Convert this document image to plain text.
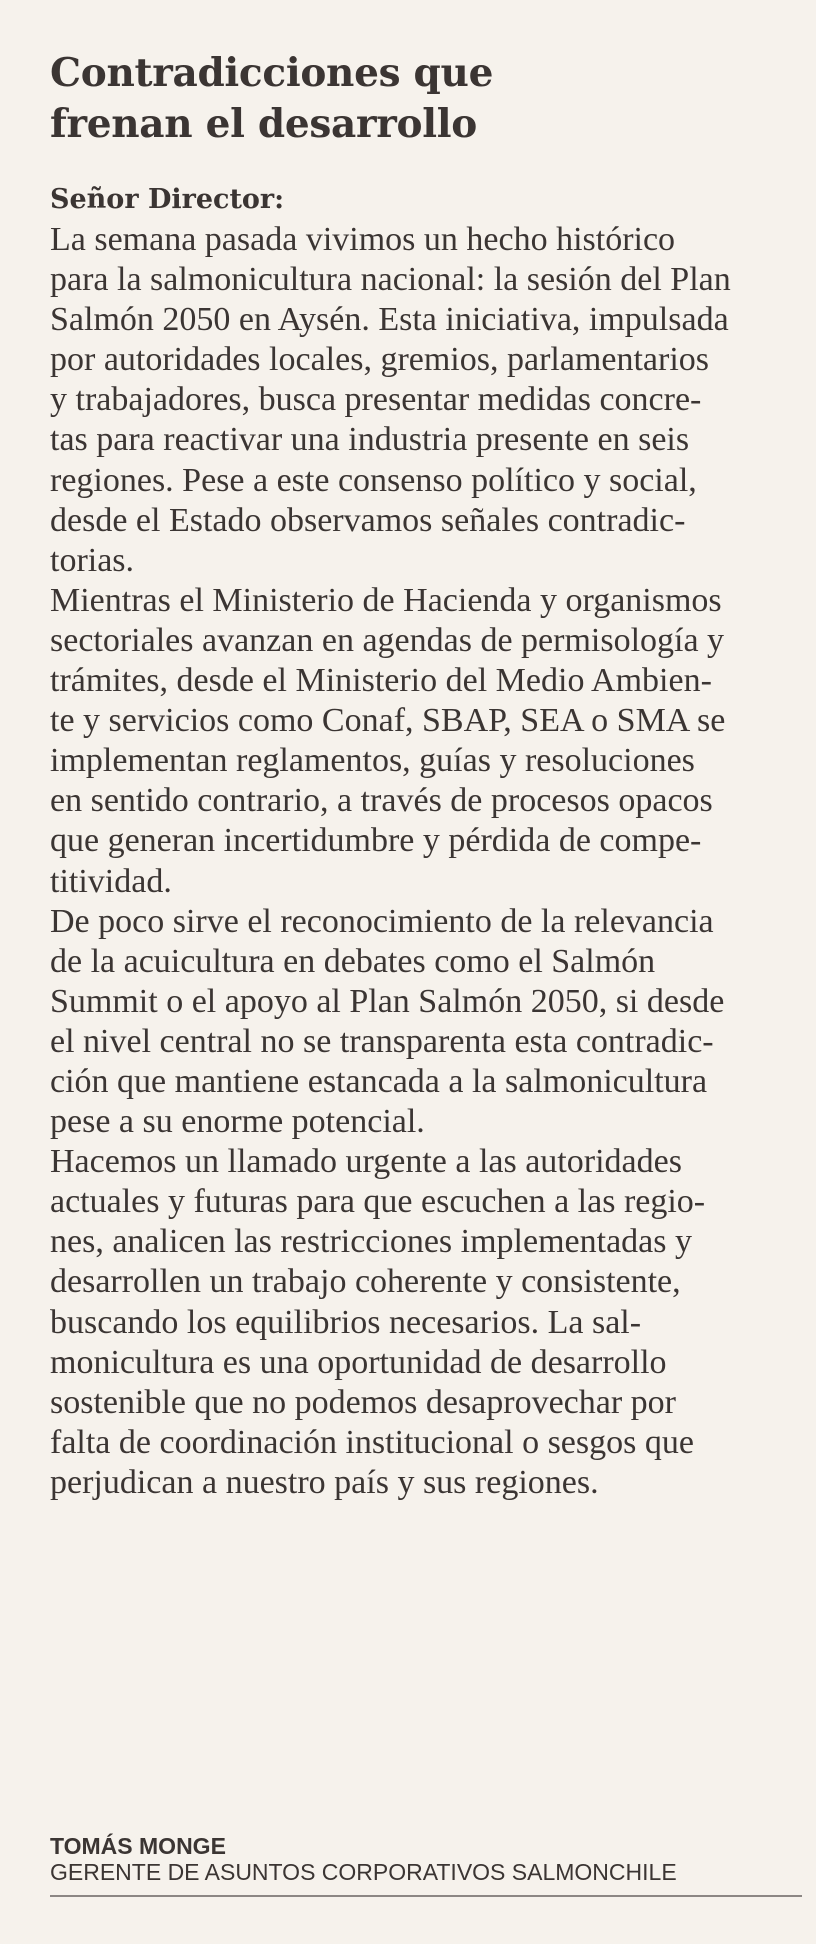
Contradicciones que
frenan el desarrollo

Señor Director:

La semana pasada vivimos un hecho histórico
para la salmonicultura nacional: la sesión del Plan
Salmón 2050 en Aysén. Esta iniciativa, impulsada
por autoridades locales, gremios, parlamentarios
y trabajadores, busca presentar medidas concre-
tas para reactivar una industria presente en seis
regiones. Pese a este consenso político y social,
desde el Estado observamos señales contradic-
torias.
Mientras el Ministerio de Hacienda y organismos
sectoriales avanzan en agendas de permisología y
trámites, desde el Ministerio del Medio Ambien-
te y servicios como Conaf, SBAP, SEA o SMA se
implementan reglamentos, guías y resoluciones
en sentido contrario, a través de procesos opacos
que generan incertidumbre y pérdida de compe-
titividad.
De poco sirve el reconocimiento de la relevancia
de la acuicultura en debates como el Salmón
Summit o el apoyo al Plan Salmón 2050, si desde
el nivel central no se transparenta esta contradic-
ción que mantiene estancada a la salmonicultura
pese a su enorme potencial.
Hacemos un llamado urgente a las autoridades
actuales y futuras para que escuchen a las regio-
nes, analicen las restricciones implementadas y
desarrollen un trabajo coherente y consistente,
buscando los equilibrios necesarios. La sal-
monicultura es una oportunidad de desarrollo
sostenible que no podemos desaprovechar por
falta de coordinación institucional o sesgos que
perjudican a nuestro país y sus regiones.
TOMÁS MONGE
GERENTE DE ASUNTOS CORPORATIVOS SALMONCHILE
